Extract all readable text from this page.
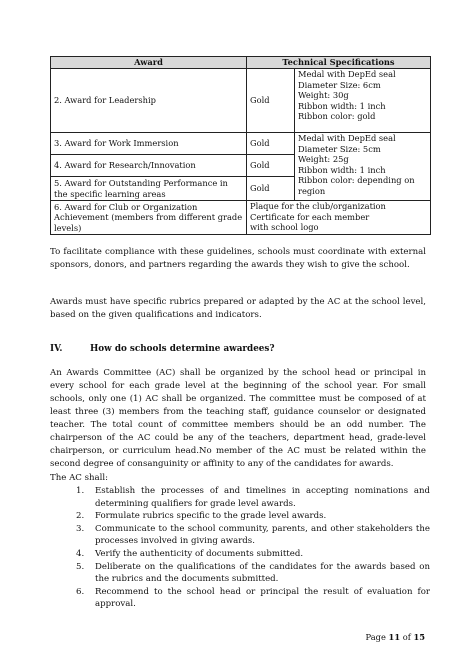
Award	Technical Specifications	
2. Award for Leadership	Gold	Medal with DepEd seal
Diameter Size: 6cm
Weight: 30g
Ribbon width: 1 inch
Ribbon color: gold

3. Award for Work Immersion	Gold	Medal with DepEd seal
Diameter Size: 5cm
Weight: 25g
Ribbon width: 1 inch
Ribbon color: depending on region

4. Award for Research/Innovation	Gold	
5. Award for Outstanding Performance in the specific learning areas	Gold	
6. Award for Club or Organization Achievement (members from different grade levels)	Plaque for the club/organization
Certificate for each member with school logo	

To facilitate compliance with these guidelines, schools must coordinate with external sponsors, donors, and partners regarding the awards they wish to give the school.

Awards must have specific rubrics prepared or adapted by the AC at the school level, based on the given qualifications and indicators.

IV.	How do schools determine awardees?

An Awards Committee (AC) shall be organized by the school head or principal in every school for each grade level at the beginning of the school year. For small schools, only one (1) AC shall be organized. The committee must be composed of at least three (3) members from the teaching staff, guidance counselor or designated teacher. The total count of committee members should be an odd number. The chairperson of the AC could be any of the teachers, department head, grade-level chairperson, or curriculum head.No member of the AC must be related within the second degree of consanguinity or affinity to any of the candidates for awards.

The AC shall:

1. Establish the processes of and timelines in accepting nominations and determining qualifiers for grade level awards.
2. Formulate rubrics specific to the grade level awards.
3. Communicate to the school community, parents, and other stakeholders the processes involved in giving awards.
4. Verify the authenticity of documents submitted.
5. Deliberate on the qualifications of the candidates for the awards based on the rubrics and the documents submitted.
6. Recommend to the school head or principal the result of evaluation for approval.
Page 11 of 15
